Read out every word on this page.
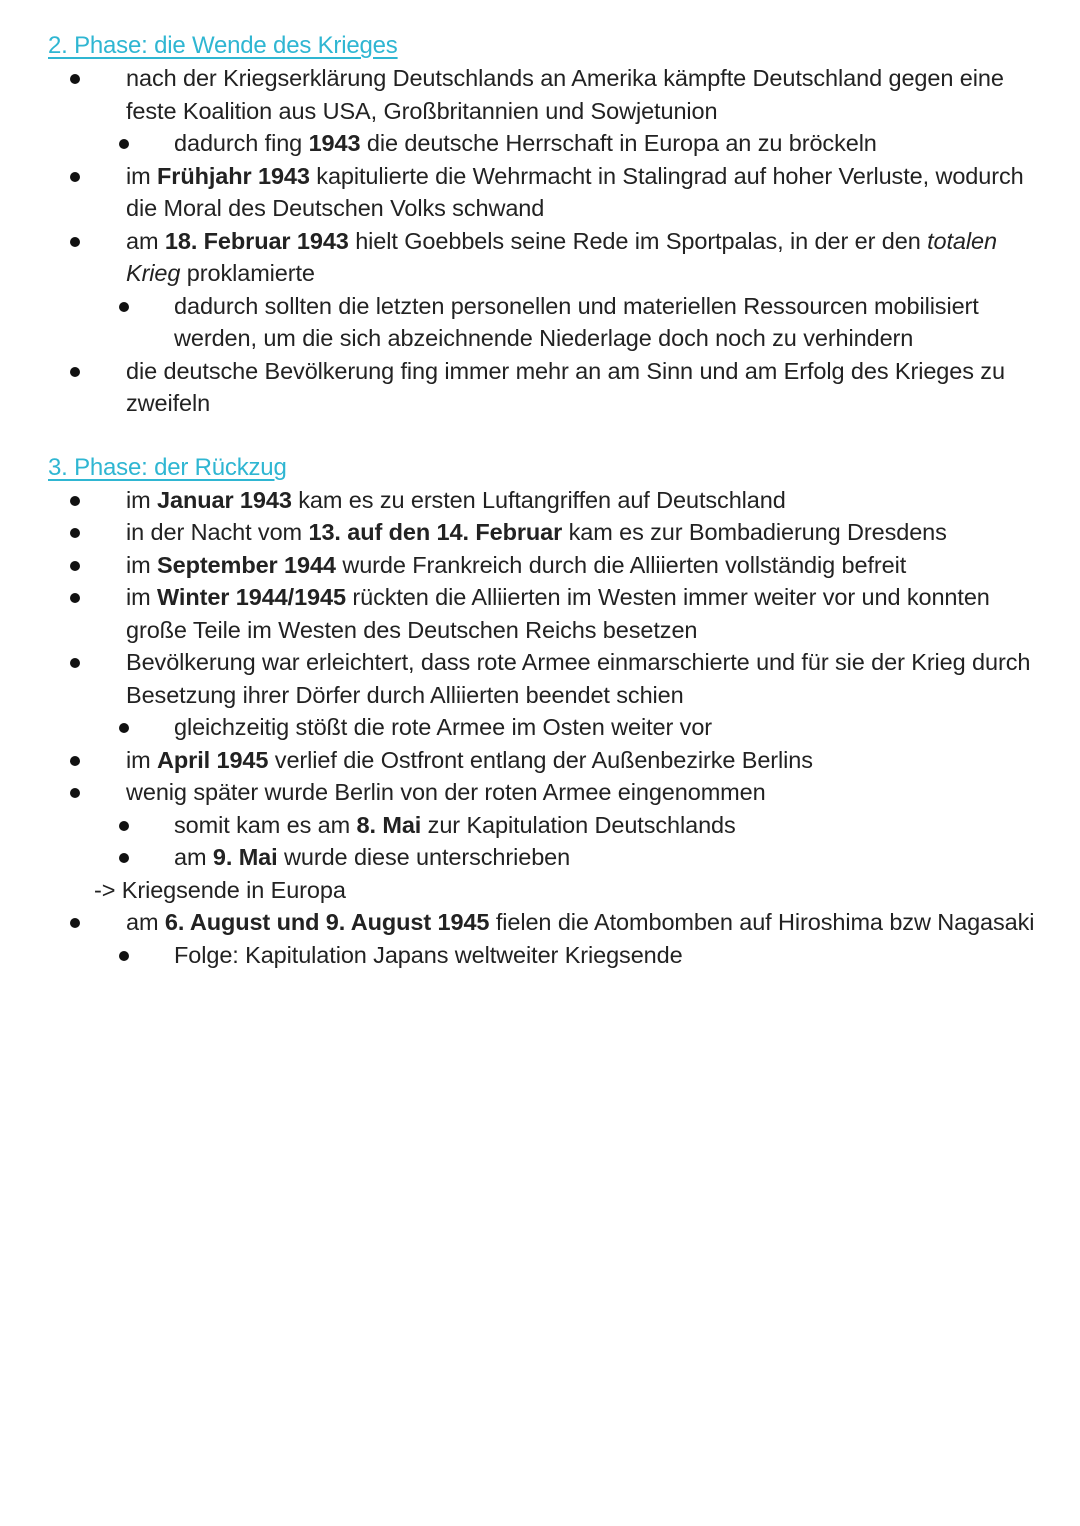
2. Phase: die Wende des Krieges
nach der Kriegserklärung Deutschlands an Amerika kämpfte Deutschland gegen eine feste Koalition aus USA, Großbritannien und Sowjetunion
dadurch fing 1943 die deutsche Herrschaft in Europa an zu bröckeln
im Frühjahr 1943 kapitulierte die Wehrmacht in Stalingrad auf hoher Verluste, wodurch die Moral des Deutschen Volks schwand
am 18. Februar 1943 hielt Goebbels seine Rede im Sportpalas, in der er den totalen Krieg proklamierte
dadurch sollten die letzten personellen und materiellen Ressourcen mobilisiert werden, um die sich abzeichnende Niederlage doch noch zu verhindern
die deutsche Bevölkerung fing immer mehr an am Sinn und am Erfolg des Krieges zu zweifeln
3. Phase: der Rückzug
im Januar 1943 kam es zu ersten Luftangriffen auf Deutschland
in der Nacht vom 13. auf den 14. Februar kam es zur Bombadierung Dresdens
im September 1944 wurde Frankreich durch die Alliierten vollständig befreit
im Winter 1944/1945 rückten die Alliierten im Westen immer weiter vor und konnten große Teile im Westen des Deutschen Reichs besetzen
Bevölkerung war erleichtert, dass rote Armee einmarschierte und für sie der Krieg durch Besetzung ihrer Dörfer durch Alliierten beendet schien
gleichzeitig stößt die rote Armee im Osten weiter vor
im April 1945 verlief die Ostfront entlang der Außenbezirke Berlins
wenig später wurde Berlin von der roten Armee eingenommen
somit kam es am 8. Mai zur Kapitulation Deutschlands
am 9. Mai wurde diese unterschrieben
-> Kriegsende in Europa
am 6. August und 9. August 1945 fielen die Atombomben auf Hiroshima bzw Nagasaki
Folge: Kapitulation Japans weltweiter Kriegsende
